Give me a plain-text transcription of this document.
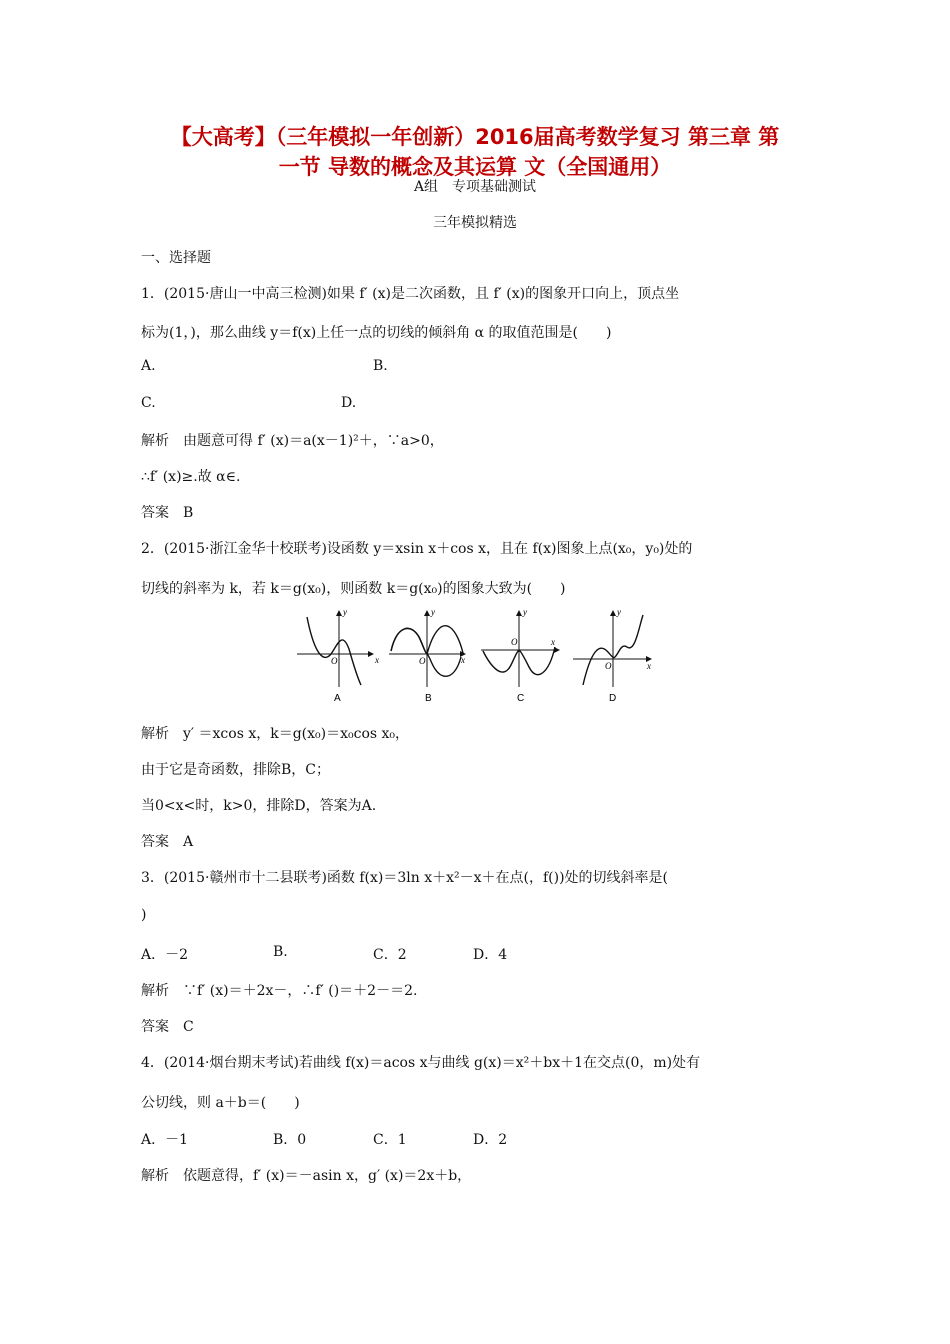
【大高考】（三年模拟一年创新）2016届高考数学复习 第三章 第
一节 导数的概念及其运算 文（全国通用）

A组　专项基础测试

三年模拟精选

一、选择题

1．(2015·唐山一中高三检测)如果 f′ (x)是二次函数，且 f′ (x)的图象开口向上，顶点坐

标为(1，)，那么曲线 y＝f(x)上任一点的切线的倾斜角 α 的取值范围是(　　)

A.	B.

C.	D.

解析　由题意可得 f′ (x)＝a(x－1)²＋，∵a>0，

∴f′ (x)≥.故 α∈.

答案　B

2．(2015·浙江金华十校联考)设函数 y＝xsin x＋cos x，且在 f(x)图象上点(x₀，y₀)处的

切线的斜率为 k，若 k＝g(x₀)，则函数 k＝g(x₀)的图象大致为(　　)

x
y
O
A
x
y
O
B
x
y
O
C
x
y
O
D

解析　y′ ＝xcos x，k＝g(x₀)＝x₀cos x₀，

由于它是奇函数，排除B，C；

当0<x<时，k>0，排除D，答案为A.

答案　A

3．(2015·赣州市十二县联考)函数 f(x)＝3ln x＋x²－x＋在点(，f())处的切线斜率是(

)

A．－2	B.	C．2	D．4

解析　∵f′ (x)＝＋2x－，∴f′ ()＝＋2－＝2.

答案　C

4．(2014·烟台期末考试)若曲线 f(x)＝acos x与曲线 g(x)＝x²＋bx＋1在交点(0，m)处有

公切线，则 a＋b＝(　　)

A．－1	B．0	C．1	D．2

解析　依题意得，f′ (x)＝－asin x，g′ (x)＝2x＋b，
